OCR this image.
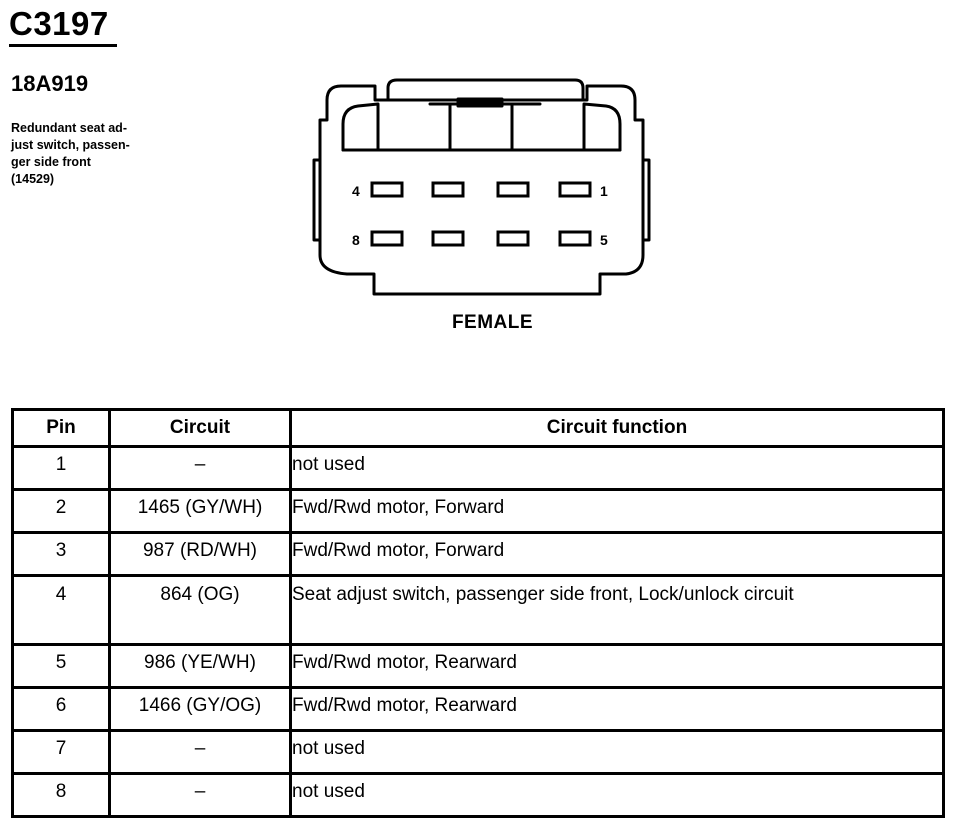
C3197
18A919

Redundant seat ad-
just switch, passen-
ger side front
(14529)

4	1
8	5
FEMALE
Pin	Circuit	Circuit function
1	–	not used
2	1465 (GY/WH)	Fwd/Rwd motor, Forward
3	987 (RD/WH)	Fwd/Rwd motor, Forward
4	864 (OG)	Seat adjust switch, passenger side front, Lock/unlock circuit
5	986 (YE/WH)	Fwd/Rwd motor, Rearward
6	1466 (GY/OG)	Fwd/Rwd motor, Rearward
7	–	not used
8	–	not used
